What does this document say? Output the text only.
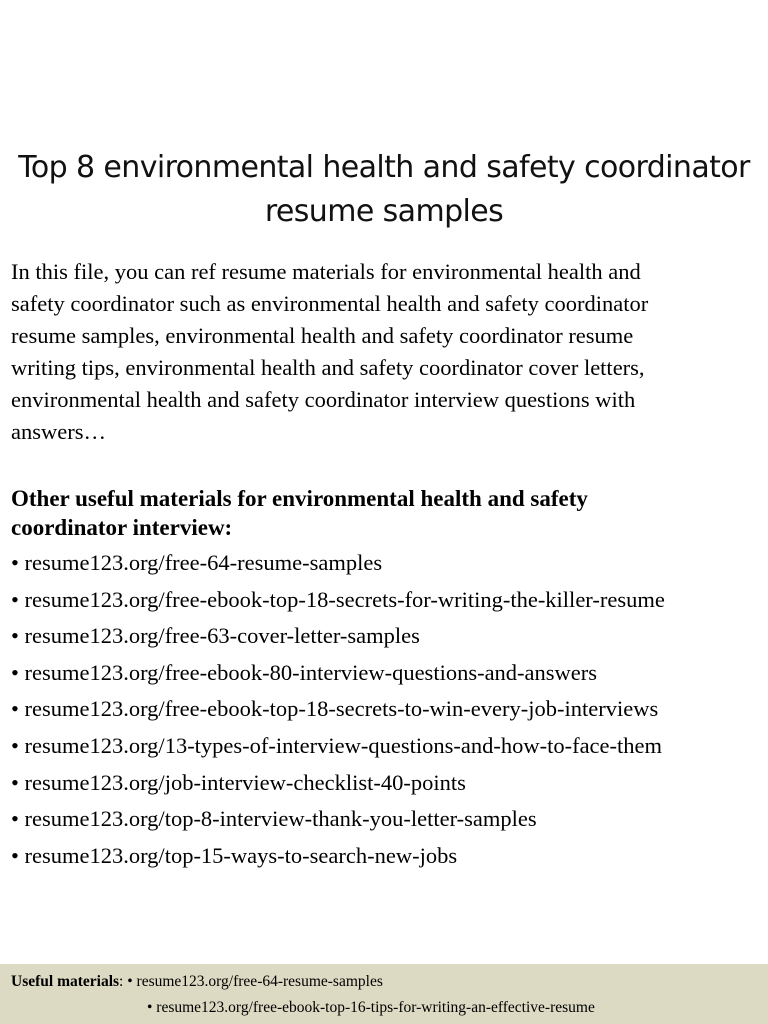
Top 8 environmental health and safety coordinator
resume samples
In this file, you can ref resume materials for environmental health and
safety coordinator such as environmental health and safety coordinator
resume samples, environmental health and safety coordinator resume
writing tips, environmental health and safety coordinator cover letters,
environmental health and safety coordinator interview questions with
answers…
Other useful materials for environmental health and safety
coordinator interview:
• resume123.org/free-64-resume-samples
• resume123.org/free-ebook-top-18-secrets-for-writing-the-killer-resume
• resume123.org/free-63-cover-letter-samples
• resume123.org/free-ebook-80-interview-questions-and-answers
• resume123.org/free-ebook-top-18-secrets-to-win-every-job-interviews
• resume123.org/13-types-of-interview-questions-and-how-to-face-them
• resume123.org/job-interview-checklist-40-points
• resume123.org/top-8-interview-thank-you-letter-samples
• resume123.org/top-15-ways-to-search-new-jobs
Useful materials: • resume123.org/free-64-resume-samples
• resume123.org/free-ebook-top-16-tips-for-writing-an-effective-resume
